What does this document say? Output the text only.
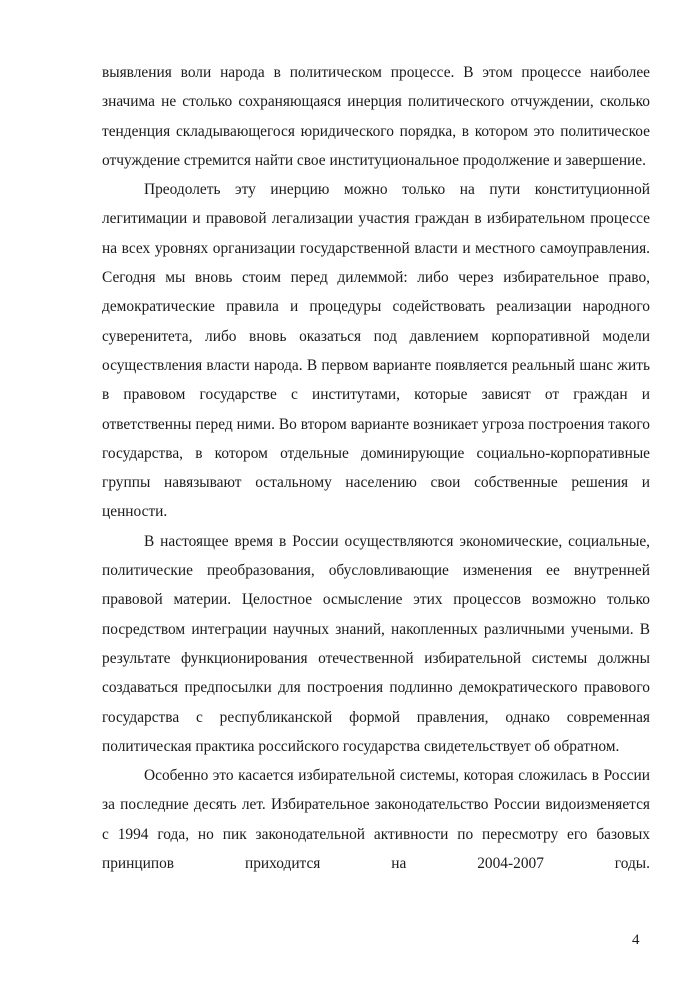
выявления воли народа в политическом процессе. В этом процессе наиболее значима не столько сохраняющаяся инерция политического отчуждении, сколько тенденция складывающегося юридического порядка, в котором это политическое отчуждение стремится найти свое институциональное продолжение и завершение.

Преодолеть эту инерцию можно только на пути конституционной легитимации и правовой легализации участия граждан в избирательном процессе на всех уровнях организации государственной власти и местного самоуправления. Сегодня мы вновь стоим перед дилеммой: либо через избирательное право, демократические правила и процедуры содействовать реализации народного суверенитета, либо вновь оказаться под давлением корпоративной модели осуществления власти народа. В первом варианте появляется реальный шанс жить в правовом государстве с институтами, которые зависят от граждан и ответственны перед ними. Во втором варианте возникает угроза построения такого государства, в котором отдельные доминирующие социально-корпоративные группы навязывают остальному населению свои собственные решения и ценности.

В настоящее время в России осуществляются экономические, социальные, политические преобразования, обусловливающие изменения ее внутренней правовой материи. Целостное осмысление этих процессов возможно только посредством интеграции научных знаний, накопленных различными учеными. В результате функционирования отечественной избирательной системы должны создаваться предпосылки для построения подлинно демократического правового государства с республиканской формой правления, однако современная политическая практика российского государства свидетельствует об обратном.

Особенно это касается избирательной системы, которая сложилась в России за последние десять лет. Избирательное законодательство России видоизменяется с 1994 года, но пик законодательной активности по пересмотру его базовых принципов приходится на 2004-2007 годы.

4
